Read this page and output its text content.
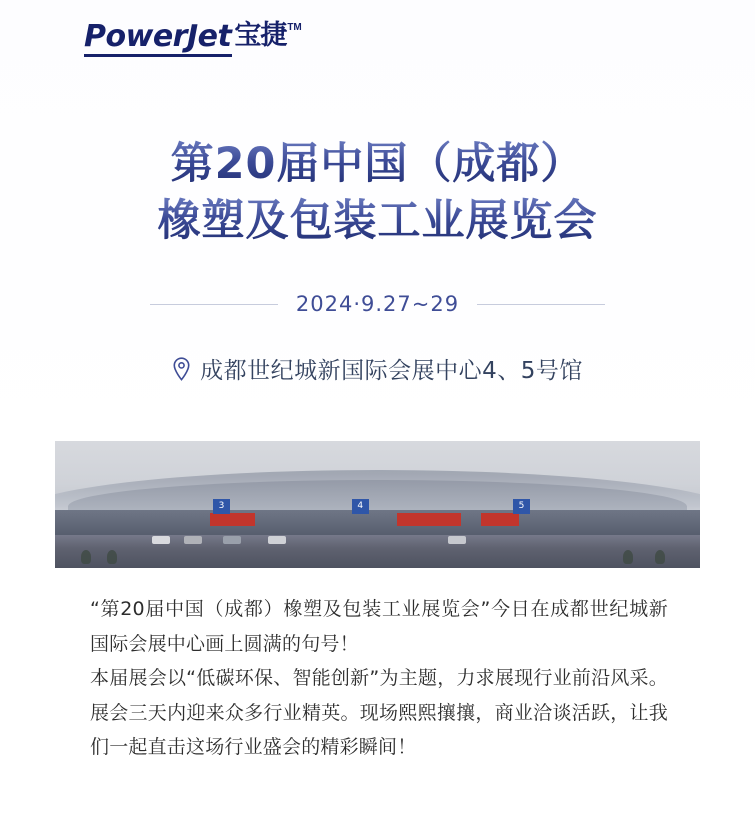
PowerJet 宝捷 TM
第20届中国（成都）
橡塑及包装工业展览会
2024·9.27~29
成都世纪城新国际会展中心4、5号馆
3	4	5

“第20届中国（成都）橡塑及包装工业展览会”今日在成都世纪城新国际会展中心画上圆满的句号！

本届展会以“低碳环保、智能创新”为主题，力求展现行业前沿风采。展会三天内迎来众多行业精英。现场熙熙攘攘，商业洽谈活跃，让我们一起直击这场行业盛会的精彩瞬间！
